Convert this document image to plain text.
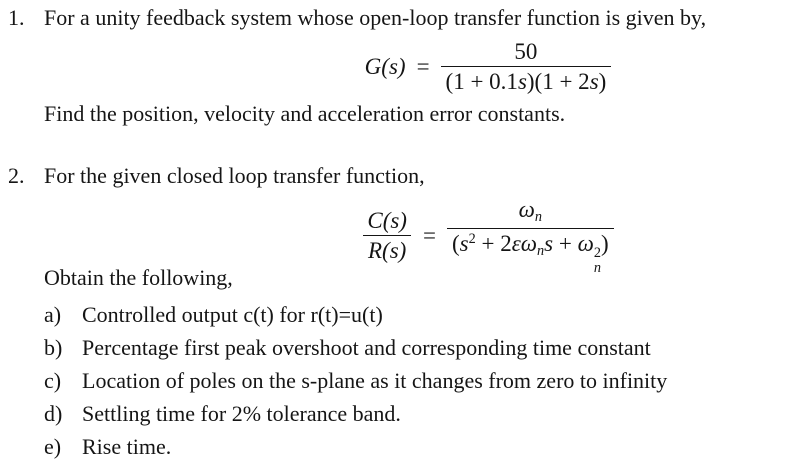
1. For a unity feedback system whose open-loop transfer function is given by,
$G(s) = \frac{50}{(1 + 0.1s)(1 + 2s)}$
Find the position, velocity and acceleration error constants.
2. For the given closed loop transfer function,
$\frac{C(s)}{R(s)} = \omega n$
($s^2 + 2\varepsilon\omega ns + \omega$ 2
n
)
Obtain the following,
a) Controlled output c(t) for r(t)=u(t)
b) Percentage first peak overshoot and corresponding time constant
c) Location of poles on the s-plane as it changes from zero to infinity
d) Settling time for 2% tolerance band.
e) Rise time.
